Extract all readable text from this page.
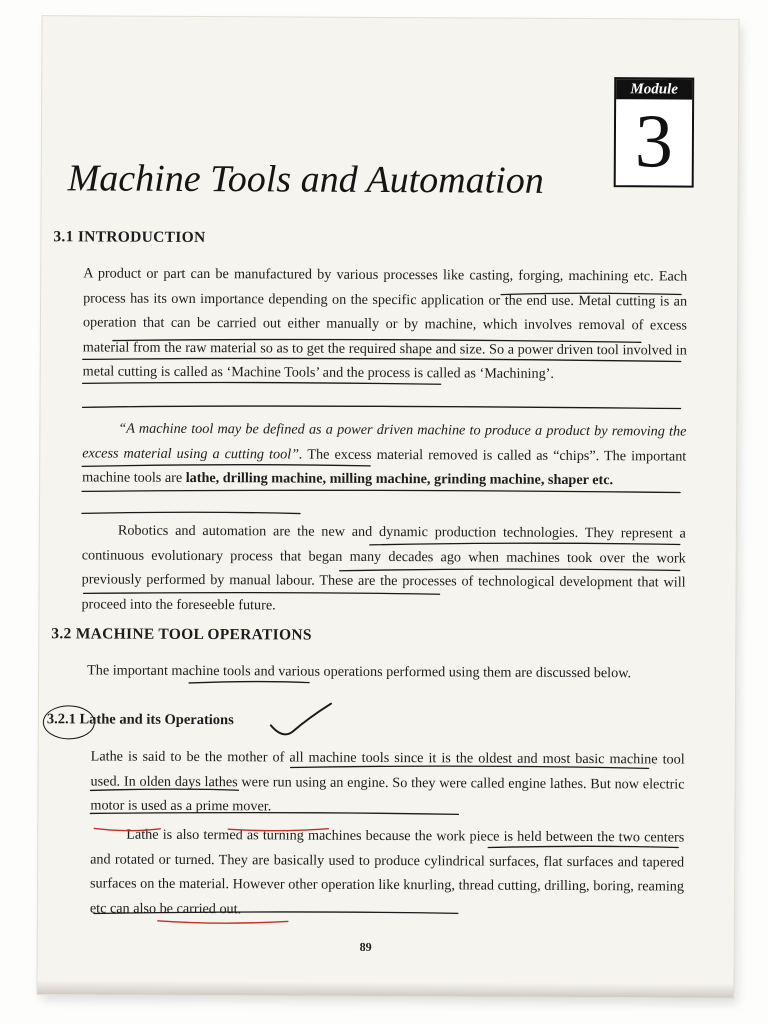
Module
3
Machine Tools and Automation
3.1 INTRODUCTION
A product or part can be manufactured by various processes like casting, forging, machining etc. Each process has its own importance depending on the specific application or the end use. Metal cutting is an operation that can be carried out either manually or by machine, which involves removal of excess material from the raw material so as to get the required shape and size. So a power driven tool involved in metal cutting is called as ‘Machine Tools’ and the process is called as ‘Machining’.
“A machine tool may be defined as a power driven machine to produce a product by removing the excess material using a cutting tool”. The excess material removed is called as “chips”. The important machine tools are lathe, drilling machine, milling machine, grinding machine, shaper etc.
Robotics and automation are the new and dynamic production technologies. They represent a continuous evolutionary process that began many decades ago when machines took over the work previously performed by manual labour. These are the processes of technological development that will proceed into the foreseeble future.
3.2 MACHINE TOOL OPERATIONS
The important machine tools and various operations performed using them are discussed below.
3.2.1 Lathe and its Operations
Lathe is said to be the mother of all machine tools since it is the oldest and most basic machine tool used. In olden days lathes were run using an engine. So they were called engine lathes. But now electric motor is used as a prime mover.
Lathe is also termed as turning machines because the work piece is held between the two centers and rotated or turned. They are basically used to produce cylindrical surfaces, flat surfaces and tapered surfaces on the material. However other operation like knurling, thread cutting, drilling, boring, reaming etc can also be carried out.
89
